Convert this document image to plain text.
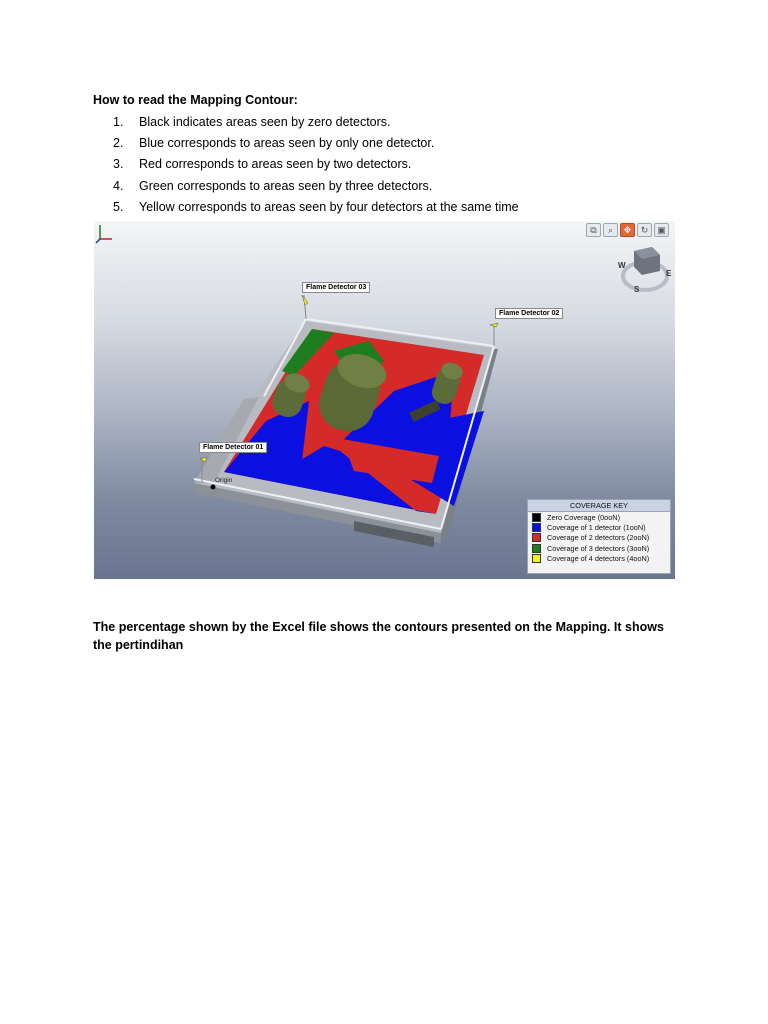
How to read the Mapping Contour:
1.	Black indicates areas seen by zero detectors.
2.	Blue corresponds to areas seen by only one detector.
3.	Red corresponds to areas seen by two detectors.
4.	Green corresponds to areas seen by three detectors.
5.	Yellow corresponds to areas seen by four detectors at the same time
⧉	⌕	✥	↻ ▣
W
E
S
Flame Detector 03
Flame Detector 02
Flame Detector 01
Origin
COVERAGE KEY
Zero Coverage (0ooN)
Coverage of 1 detector (1ooN)
Coverage of 2 detectors (2ooN)
Coverage of 3 detectors (3ooN)
Coverage of 4 detectors (4ooN)
The percentage shown by the Excel file shows the contours presented on the Mapping. It shows the pertindihan
